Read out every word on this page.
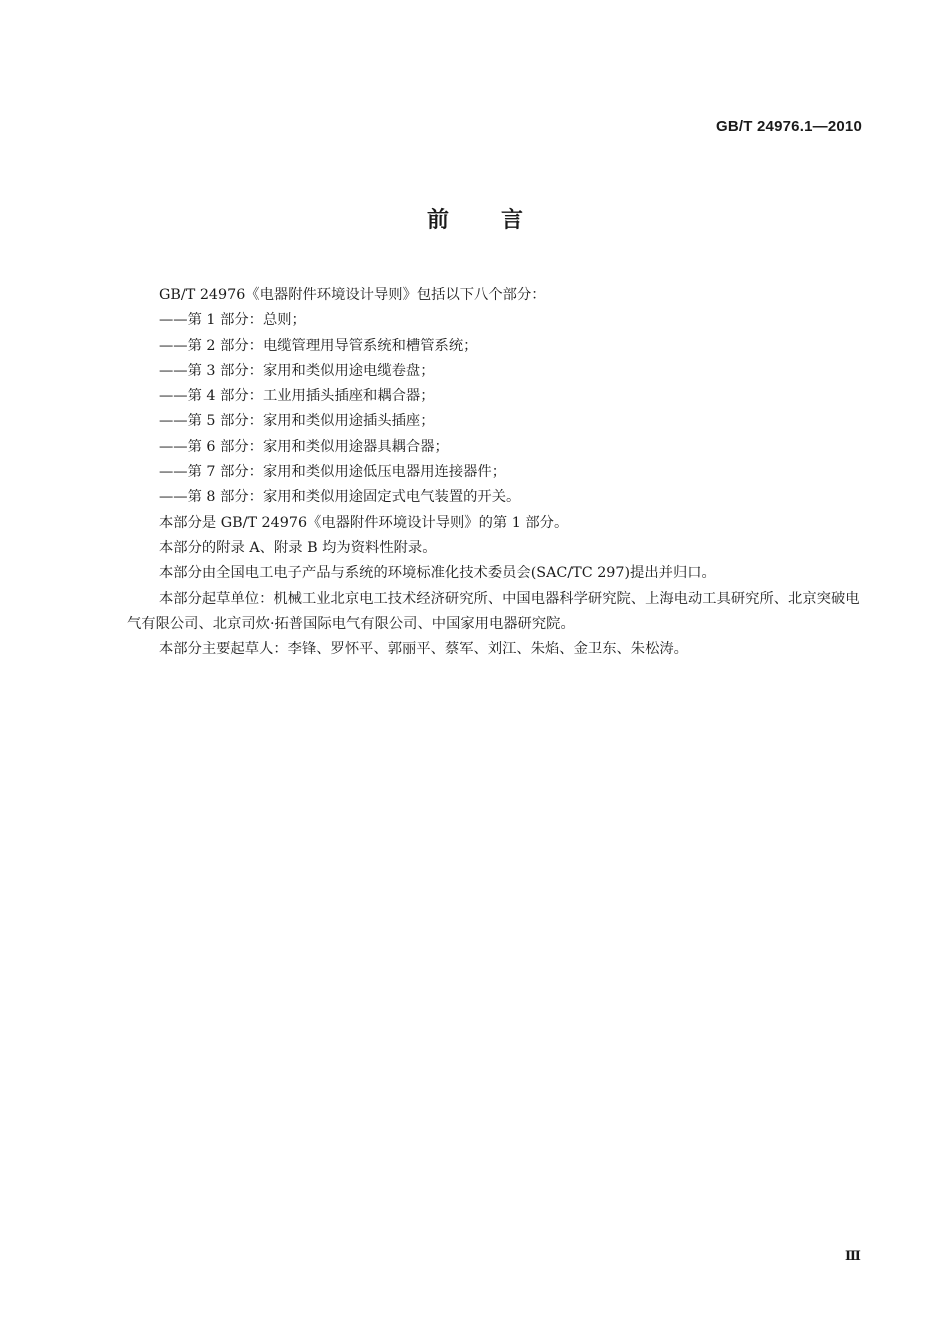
GB/T 24976.1—2010
前 言

GB/T 24976《电器附件环境设计导则》包括以下八个部分：

——第 1 部分：总则；

——第 2 部分：电缆管理用导管系统和槽管系统；

——第 3 部分：家用和类似用途电缆卷盘；

——第 4 部分：工业用插头插座和耦合器；

——第 5 部分：家用和类似用途插头插座；

——第 6 部分：家用和类似用途器具耦合器；

——第 7 部分：家用和类似用途低压电器用连接器件；

——第 8 部分：家用和类似用途固定式电气装置的开关。

本部分是 GB/T 24976《电器附件环境设计导则》的第 1 部分。

本部分的附录 A、附录 B 均为资料性附录。

本部分由全国电工电子产品与系统的环境标准化技术委员会(SAC/TC 297)提出并归口。

本部分起草单位：机械工业北京电工技术经济研究所、中国电器科学研究院、上海电动工具研究所、北京突破电气有限公司、北京司炊·拓普国际电气有限公司、中国家用电器研究院。

本部分主要起草人：李锋、罗怀平、郭丽平、蔡军、刘江、朱焰、金卫东、朱松涛。

Ⅲ
